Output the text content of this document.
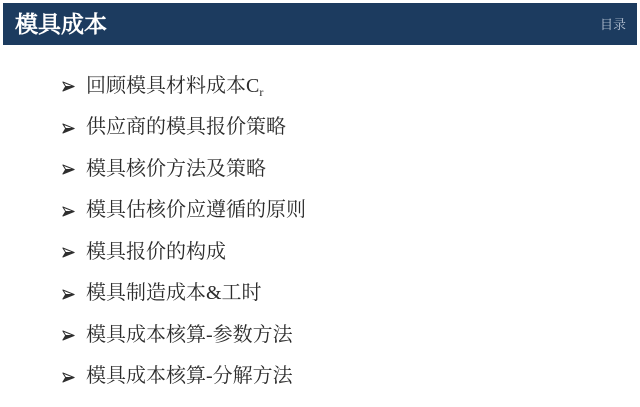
模具成本	目录
回顾模具材料成本$C_r$
供应商的模具报价策略
模具核价方法及策略
模具估核价应遵循的原则
模具报价的构成
模具制造成本&工时
模具成本核算-参数方法
模具成本核算-分解方法
